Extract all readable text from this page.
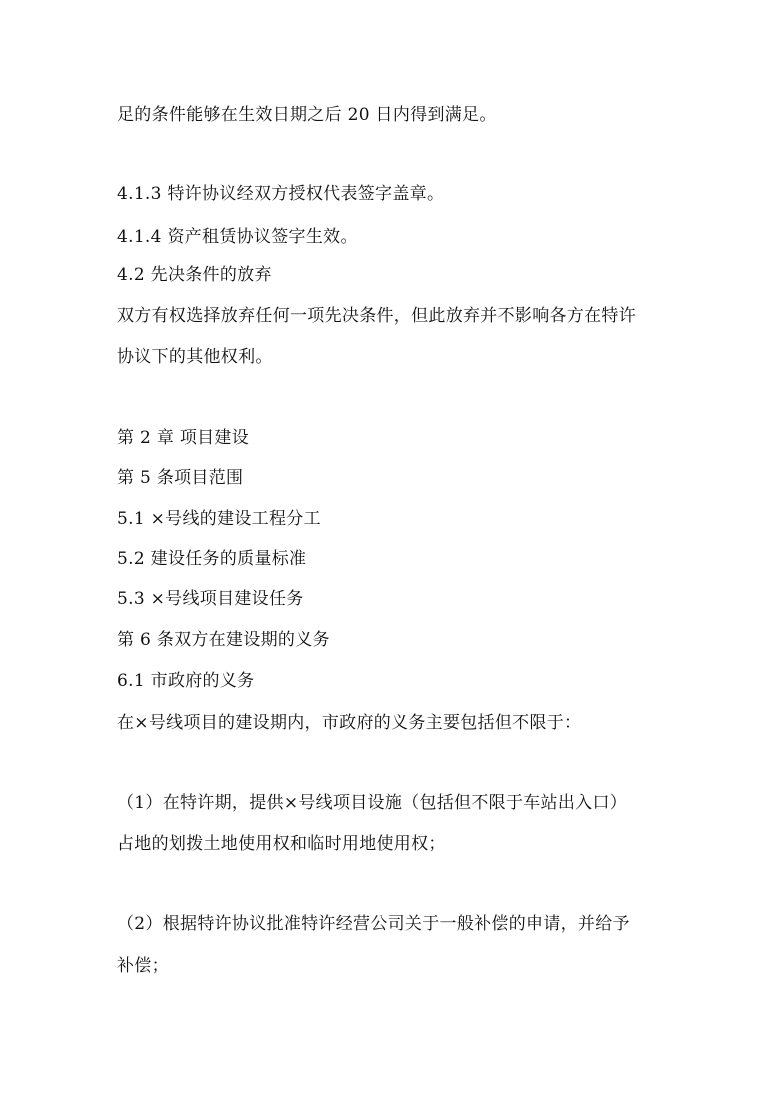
足的条件能够在生效日期之后 20 日内得到满足。
4.1.3 特许协议经双方授权代表签字盖章。
4.1.4 资产租赁协议签字生效。
4.2 先决条件的放弃
双方有权选择放弃任何一项先决条件，但此放弃并不影响各方在特许
协议下的其他权利。
第 2 章 项目建设
第 5 条项目范围
5.1 ×号线的建设工程分工
5.2 建设任务的质量标准
5.3 ×号线项目建设任务
第 6 条双方在建设期的义务
6.1 市政府的义务
在×号线项目的建设期内，市政府的义务主要包括但不限于：
（1）在特许期，提供×号线项目设施（包括但不限于车站出入口）
占地的划拨土地使用权和临时用地使用权；
（2）根据特许协议批准特许经营公司关于一般补偿的申请，并给予
补偿；
